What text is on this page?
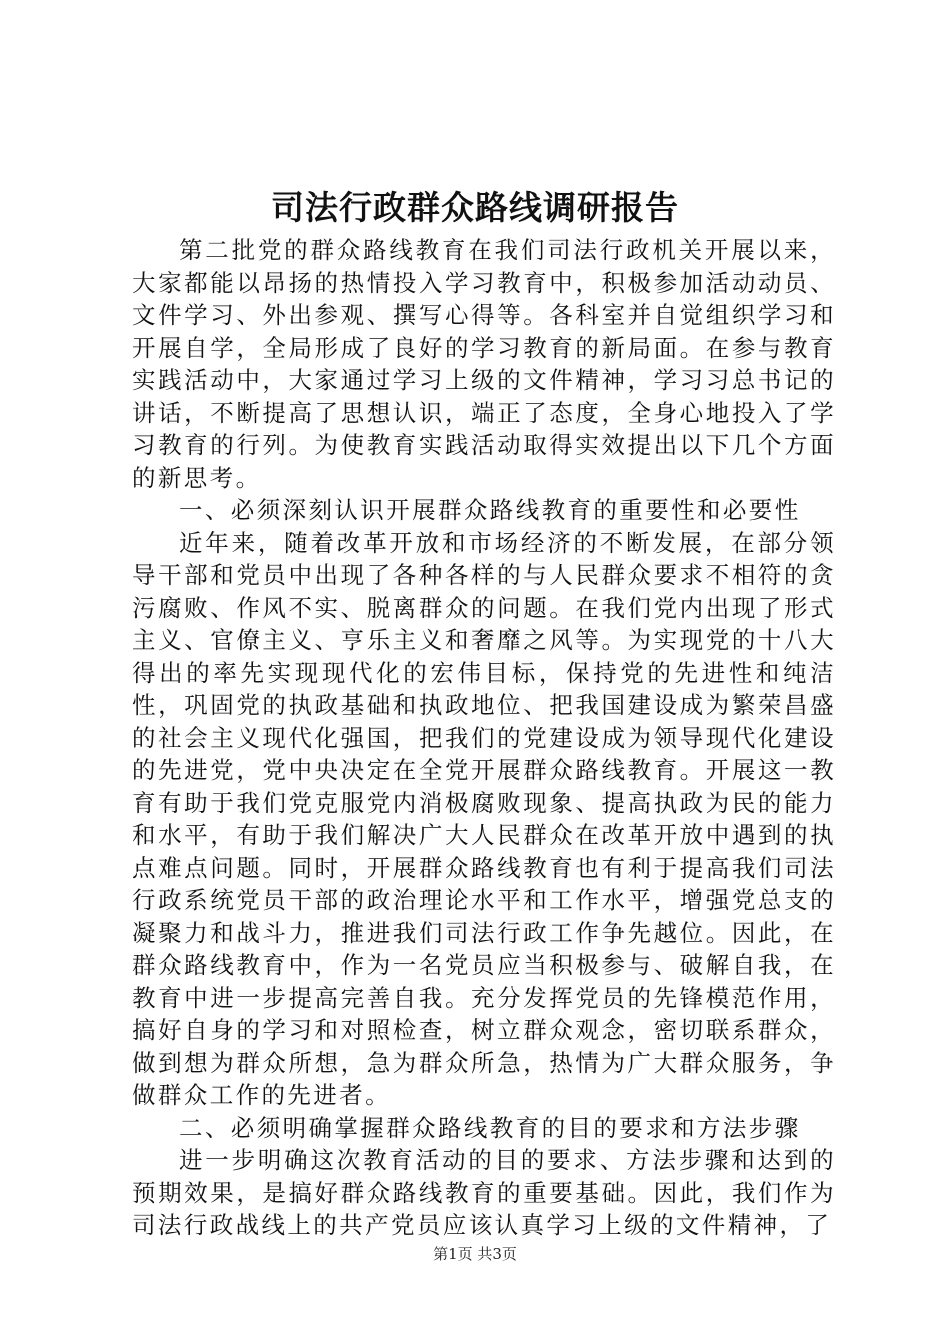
司法行政群众路线调研报告

第二批党的群众路线教育在我们司法行政机关开展以来，大家都能以昂扬的热情投入学习教育中，积极参加活动动员、文件学习、外出参观、撰写心得等。各科室并自觉组织学习和开展自学，全局形成了良好的学习教育的新局面。在参与教育实践活动中，大家通过学习上级的文件精神，学习习总书记的讲话，不断提高了思想认识，端正了态度，全身心地投入了学习教育的行列。为使教育实践活动取得实效提出以下几个方面的新思考。

一、必须深刻认识开展群众路线教育的重要性和必要性

近年来，随着改革开放和市场经济的不断发展，在部分领导干部和党员中出现了各种各样的与人民群众要求不相符的贪污腐败、作风不实、脱离群众的问题。在我们党内出现了形式主义、官僚主义、亨乐主义和奢靡之风等。为实现党的十八大得出的率先实现现代化的宏伟目标，保持党的先进性和纯洁性，巩固党的执政基础和执政地位、把我国建设成为繁荣昌盛的社会主义现代化强国，把我们的党建设成为领导现代化建设的先进党，党中央决定在全党开展群众路线教育。开展这一教育有助于我们党克服党内消极腐败现象、提高执政为民的能力和水平，有助于我们解决广大人民群众在改革开放中遇到的执点难点问题。同时，开展群众路线教育也有利于提高我们司法行政系统党员干部的政治理论水平和工作水平，增强党总支的凝聚力和战斗力，推进我们司法行政工作争先越位。因此，在群众路线教育中，作为一名党员应当积极参与、破解自我，在教育中进一步提高完善自我。充分发挥党员的先锋模范作用，搞好自身的学习和对照检查，树立群众观念，密切联系群众，做到想为群众所想，急为群众所急，热情为广大群众服务，争做群众工作的先进者。

二、必须明确掌握群众路线教育的目的要求和方法步骤

进一步明确这次教育活动的目的要求、方法步骤和达到的预期效果，是搞好群众路线教育的重要基础。因此，我们作为司法行政战线上的共产党员应该认真学习上级的文件精神，了

第1页 共3页
